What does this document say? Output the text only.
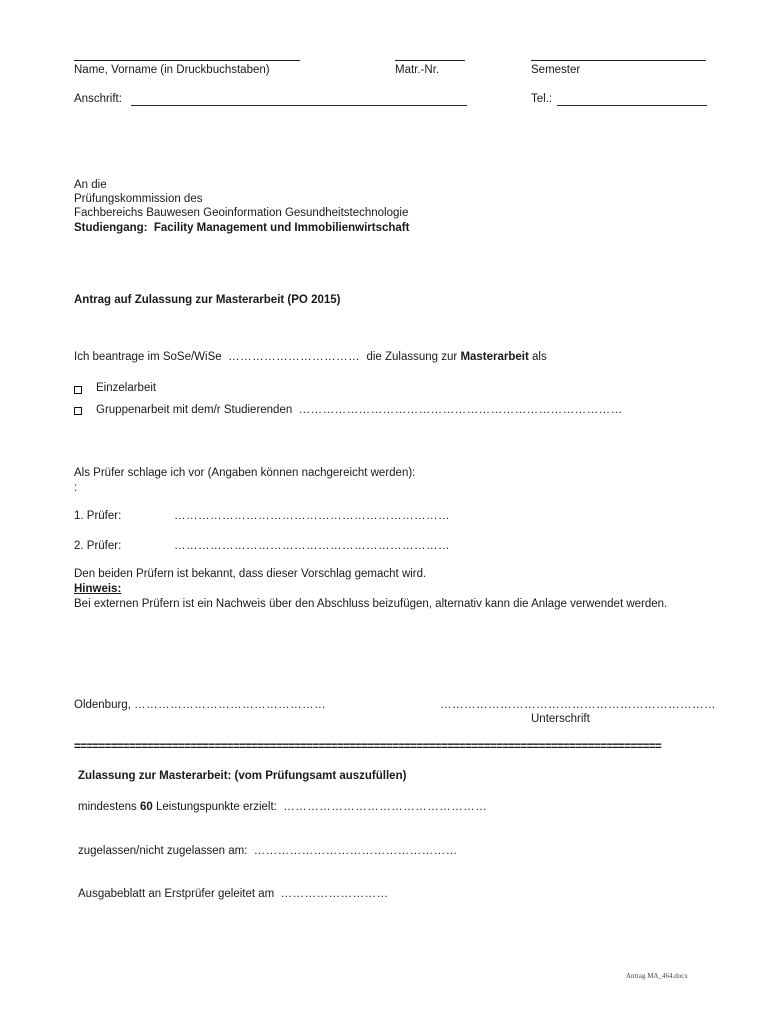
Name, Vorname (in Druckbuchstaben)	Matr.-Nr.	Semester
Anschrift:	Tel.:
An die
Prüfungskommission des
Fachbereichs Bauwesen Geoinformation Gesundheitstechnologie
Studiengang: Facility Management und Immobilienwirtschaft
Antrag auf Zulassung zur Masterarbeit (PO 2015)
Ich beantrage im SoSe/WiSe …………………………… die Zulassung zur Masterarbeit als
Einzelarbeit
Gruppenarbeit mit dem/r Studierenden ………………………………………………………………………
Als Prüfer schlage ich vor (Angaben können nachgereicht werden):
:
1. Prüfer:	……………………………………………………………
2. Prüfer:	……………………………………………………………
Den beiden Prüfern ist bekannt, dass dieser Vorschlag gemacht wird.
Hinweis:
Bei externen Prüfern ist ein Nachweis über den Abschluss beizufügen, alternativ kann die Anlage verwendet werden.
Oldenburg, …………………………………………	……………………………………………………………
Unterschrift
================================================================================================
Zulassung zur Masterarbeit: (vom Prüfungsamt auszufüllen)
mindestens 60 Leistungspunkte erzielt: ……………………………………………
zugelassen/nicht zugelassen am: ……………………………………………
Ausgabeblatt an Erstprüfer geleitet am ………………………
Antrag MA_464.docx
